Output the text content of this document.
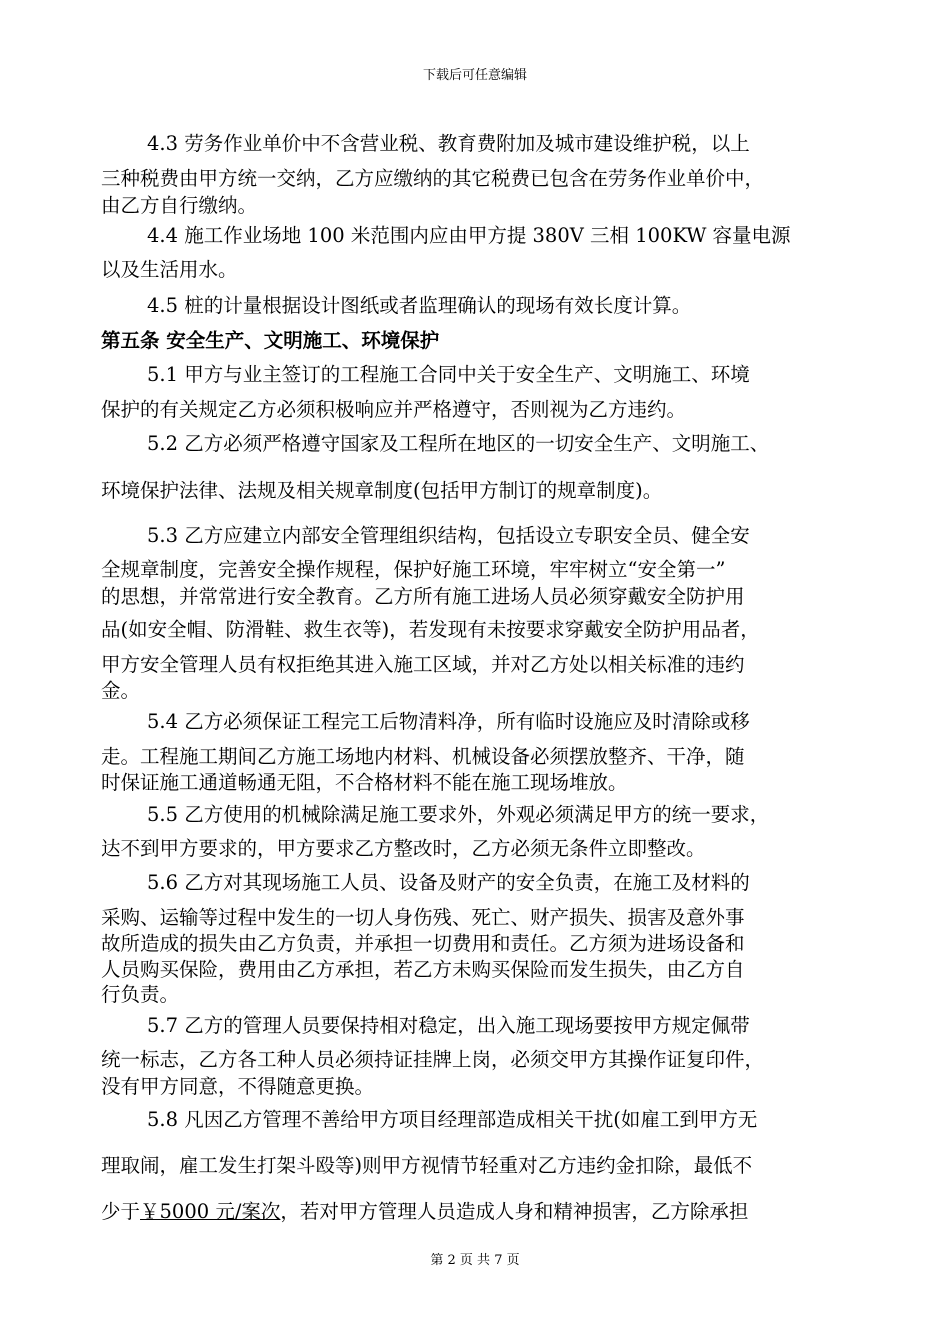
下载后可任意编辑
4.3 劳务作业单价中不含营业税、教育费附加及城市建设维护税，以上
三种税费由甲方统一交纳，乙方应缴纳的其它税费已包含在劳务作业单价中，
由乙方自行缴纳。
4.4 施工作业场地 100 米范围内应由甲方提 380V 三相 100KW 容量电源
以及生活用水。
4.5 桩的计量根据设计图纸或者监理确认的现场有效长度计算。
第五条 安全生产、文明施工、环境保护
5.1 甲方与业主签订的工程施工合同中关于安全生产、文明施工、环境
保护的有关规定乙方必须积极响应并严格遵守，否则视为乙方违约。
5.2 乙方必须严格遵守国家及工程所在地区的一切安全生产、文明施工、
环境保护法律、法规及相关规章制度(包括甲方制订的规章制度)。
5.3 乙方应建立内部安全管理组织结构，包括设立专职安全员、健全安
全规章制度，完善安全操作规程，保护好施工环境，牢牢树立“安全第一”
的思想，并常常进行安全教育。乙方所有施工进场人员必须穿戴安全防护用
品(如安全帽、防滑鞋、救生衣等)，若发现有未按要求穿戴安全防护用品者，
甲方安全管理人员有权拒绝其进入施工区域，并对乙方处以相关标准的违约
金。
5.4 乙方必须保证工程完工后物清料净，所有临时设施应及时清除或移
走。工程施工期间乙方施工场地内材料、机械设备必须摆放整齐、干净，随
时保证施工通道畅通无阻，不合格材料不能在施工现场堆放。
5.5 乙方使用的机械除满足施工要求外，外观必须满足甲方的统一要求，
达不到甲方要求的，甲方要求乙方整改时，乙方必须无条件立即整改。
5.6 乙方对其现场施工人员、设备及财产的安全负责，在施工及材料的
采购、运输等过程中发生的一切人身伤残、死亡、财产损失、损害及意外事
故所造成的损失由乙方负责，并承担一切费用和责任。乙方须为进场设备和
人员购买保险，费用由乙方承担，若乙方未购买保险而发生损失，由乙方自
行负责。
5.7 乙方的管理人员要保持相对稳定，出入施工现场要按甲方规定佩带
统一标志，乙方各工种人员必须持证挂牌上岗，必须交甲方其操作证复印件，
没有甲方同意，不得随意更换。
5.8 凡因乙方管理不善给甲方项目经理部造成相关干扰(如雇工到甲方无
理取闹，雇工发生打架斗殴等)则甲方视情节轻重对乙方违约金扣除，最低不
少于￥5000 元/案次，若对甲方管理人员造成人身和精神损害，乙方除承担
第 2 页 共 7 页
